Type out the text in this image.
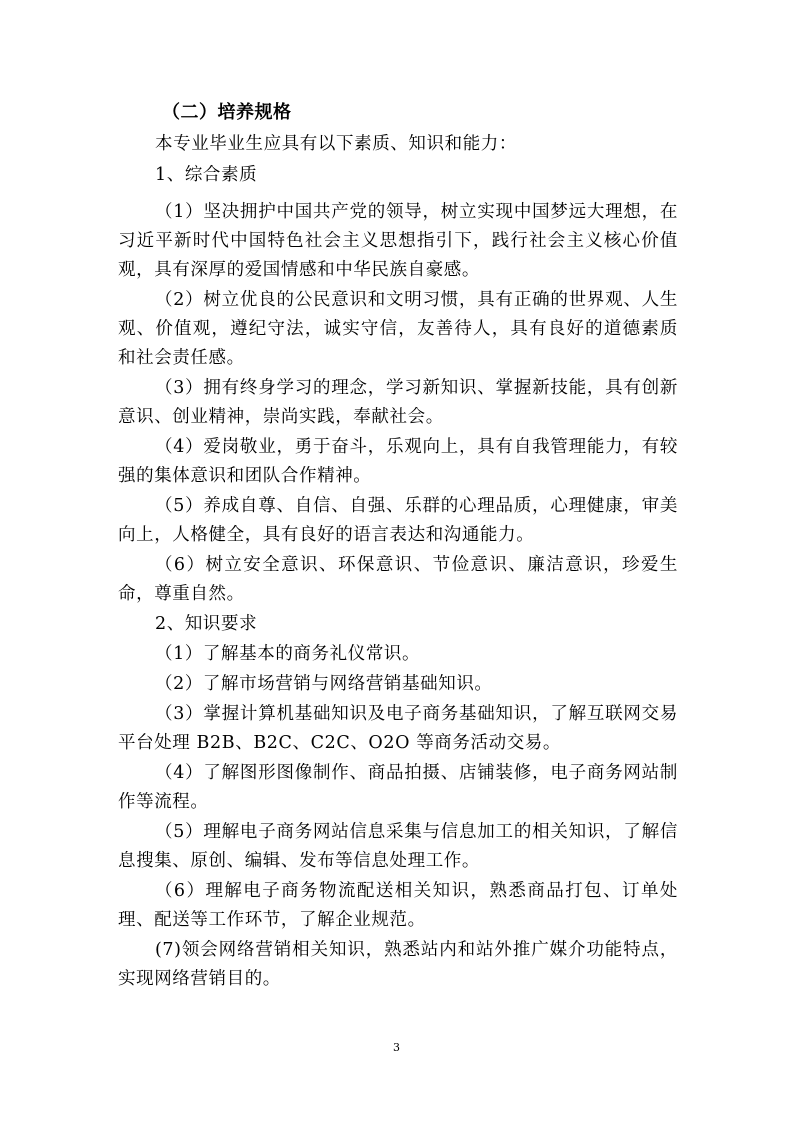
（二）培养规格

本专业毕业生应具有以下素质、知识和能力：

1、综合素质

（1）坚决拥护中国共产党的领导，树立实现中国梦远大理想，在习近平新时代中国特色社会主义思想指引下，践行社会主义核心价值观，具有深厚的爱国情感和中华民族自豪感。

（2）树立优良的公民意识和文明习惯，具有正确的世界观、人生观、价值观，遵纪守法，诚实守信，友善待人，具有良好的道德素质和社会责任感。

（3）拥有终身学习的理念，学习新知识、掌握新技能，具有创新意识、创业精神，崇尚实践，奉献社会。

（4）爱岗敬业，勇于奋斗，乐观向上，具有自我管理能力，有较强的集体意识和团队合作精神。

（5）养成自尊、自信、自强、乐群的心理品质，心理健康，审美向上，人格健全，具有良好的语言表达和沟通能力。

（6）树立安全意识、环保意识、节俭意识、廉洁意识，珍爱生命，尊重自然。

2、知识要求

（1）了解基本的商务礼仪常识。

（2）了解市场营销与网络营销基础知识。

（3）掌握计算机基础知识及电子商务基础知识，了解互联网交易平台处理 B2B、B2C、C2C、O2O 等商务活动交易。

（4）了解图形图像制作、商品拍摄、店铺装修，电子商务网站制作等流程。

（5）理解电子商务网站信息采集与信息加工的相关知识，了解信息搜集、原创、编辑、发布等信息处理工作。

（6）理解电子商务物流配送相关知识，熟悉商品打包、订单处理、配送等工作环节，了解企业规范。

(7)领会网络营销相关知识，熟悉站内和站外推广媒介功能特点，实现网络营销目的。

3
